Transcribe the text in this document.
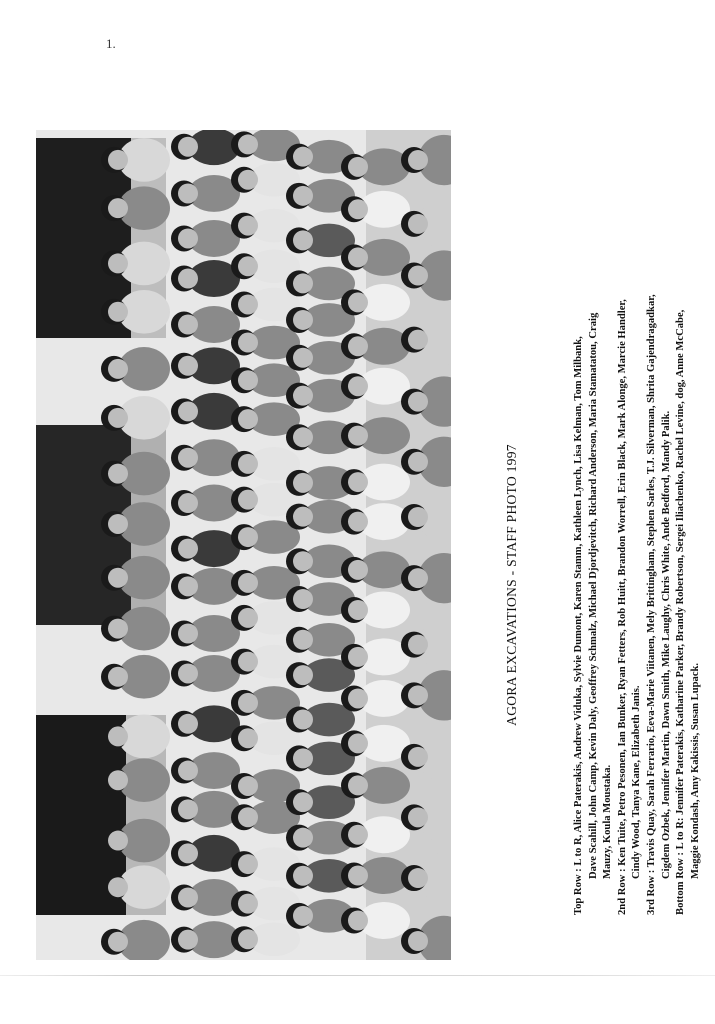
1.
AGORA EXCAVATIONS - STAFF PHOTO 1997
Top Row : L to R, Alice Paterakis, Andrew Viduka, Sylvie Dumont, Karen Stamm, Kathleen Lynch, Lisa Kelman, Tom Milbank, Dave Scahill, John Camp, Kevin Daly, Geoffrey Schmalz, Michael Djordjevitch, Richard Anderson, Maria Stamatatou, Craig Mauzy, Koula Moustaka.
2nd Row : Ken Tuite, Petro Pesonen, Ian Bunker, Ryan Fetters, Rob Huitt, Brandon Worrell, Erin Black, Mark Alonge, Marcie Handler, Cindy Wood, Tanya Kane, Elizabeth Janis.
3rd Row : Travis Quay, Sarah Ferrario, Eeva-Marie Viitanen, Mely Brittingham, Stephen Sarles, T.J. Silverman, Shrita Gajendragadkar, Cigdem Ozbek, Jennifer Martin, Dawn Smith, Mike Laughy, Chris White, Ande Bedford, Mandy Palik.
Bottom Row : L to R: Jennifer Paterakis, Katharine Parker, Brandy Robertson, Sergei Iliachenko, Rachel Levine, dog, Anne McCabe, Maggie Kondash, Amy Kakissis, Susan Lupack.
